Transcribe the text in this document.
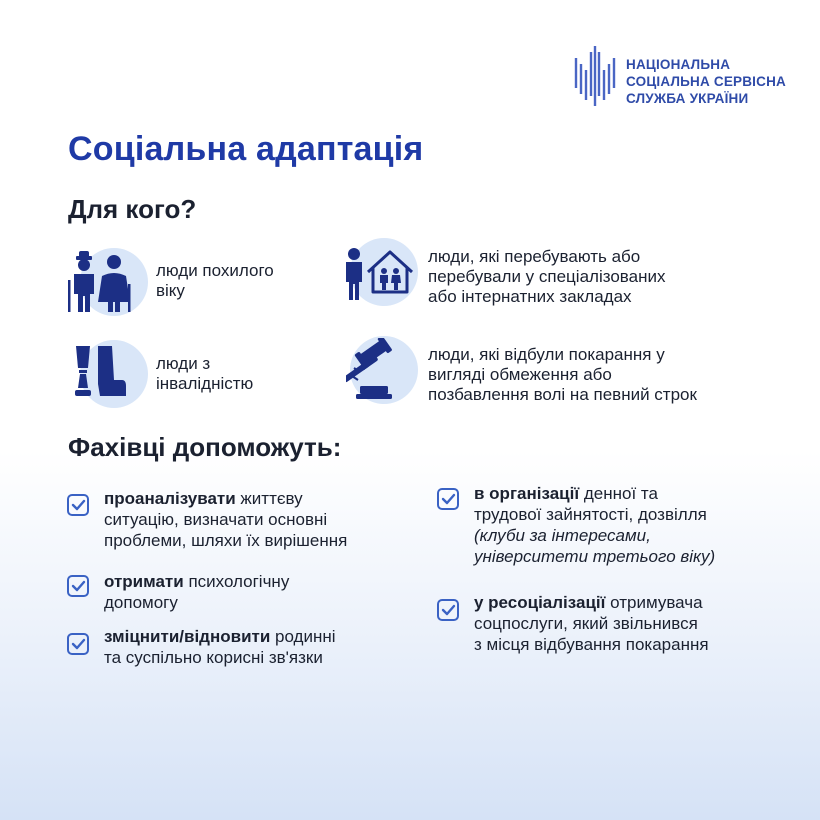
НАЦІОНАЛЬНА
СОЦІАЛЬНА СЕРВІСНА
СЛУЖБА УКРАЇНИ
Соціальна адаптація
Для кого?
люди похилого
віку
люди, які перебувають або
перебували у спеціалізованих
або інтернатних закладах
люди з
інвалідністю
люди, які відбули покарання у
вигляді обмеження або
позбавлення волі на певний строк
Фахівці допоможуть:
проаналізувати життєву
ситуацію, визначати основні
проблеми, шляхи їх вирішення
отримати психологічну
допомогу
зміцнити/відновити родинні
та суспільно корисні зв'язки
в організації денної та
трудової зайнятості, дозвілля
(клуби за інтересами,
університети третього віку)
у ресоціалізації отримувача
соцпослуги, який звільнився
з місця відбування покарання
